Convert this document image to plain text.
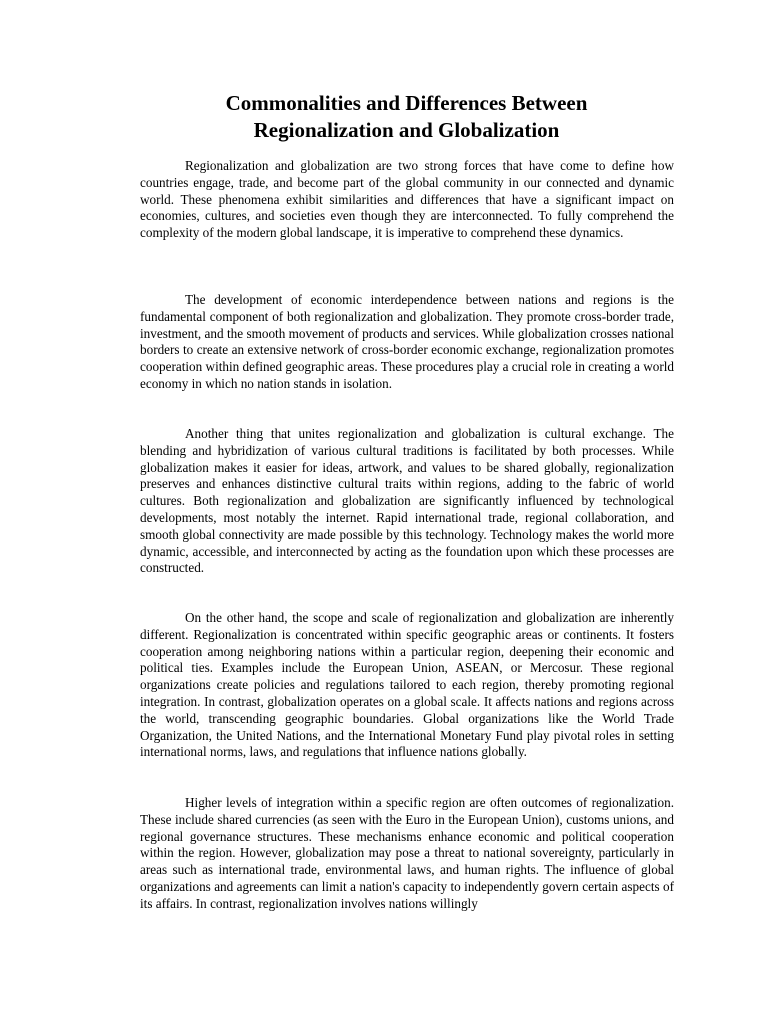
Commonalities and Differences Between
Regionalization and Globalization

Regionalization and globalization are two strong forces that have come to define how countries engage, trade, and become part of the global community in our connected and dynamic world. These phenomena exhibit similarities and differences that have a significant impact on economies, cultures, and societies even though they are interconnected. To fully comprehend the complexity of the modern global landscape, it is imperative to comprehend these dynamics.

The development of economic interdependence between nations and regions is the fundamental component of both regionalization and globalization. They promote cross-border trade, investment, and the smooth movement of products and services. While globalization crosses national borders to create an extensive network of cross-border economic exchange, regionalization promotes cooperation within defined geographic areas. These procedures play a crucial role in creating a world economy in which no nation stands in isolation.

Another thing that unites regionalization and globalization is cultural exchange. The blending and hybridization of various cultural traditions is facilitated by both processes. While globalization makes it easier for ideas, artwork, and values to be shared globally, regionalization preserves and enhances distinctive cultural traits within regions, adding to the fabric of world cultures. Both regionalization and globalization are significantly influenced by technological developments, most notably the internet. Rapid international trade, regional collaboration, and smooth global connectivity are made possible by this technology. Technology makes the world more dynamic, accessible, and interconnected by acting as the foundation upon which these processes are constructed.

On the other hand, the scope and scale of regionalization and globalization are inherently different. Regionalization is concentrated within specific geographic areas or continents. It fosters cooperation among neighboring nations within a particular region, deepening their economic and political ties. Examples include the European Union, ASEAN, or Mercosur. These regional organizations create policies and regulations tailored to each region, thereby promoting regional integration. In contrast, globalization operates on a global scale. It affects nations and regions across the world, transcending geographic boundaries. Global organizations like the World Trade Organization, the United Nations, and the International Monetary Fund play pivotal roles in setting international norms, laws, and regulations that influence nations globally.

Higher levels of integration within a specific region are often outcomes of regionalization. These include shared currencies (as seen with the Euro in the European Union), customs unions, and regional governance structures. These mechanisms enhance economic and political cooperation within the region. However, globalization may pose a threat to national sovereignty, particularly in areas such as international trade, environmental laws, and human rights. The influence of global organizations and agreements can limit a nation's capacity to independently govern certain aspects of its affairs. In contrast, regionalization involves nations willingly
